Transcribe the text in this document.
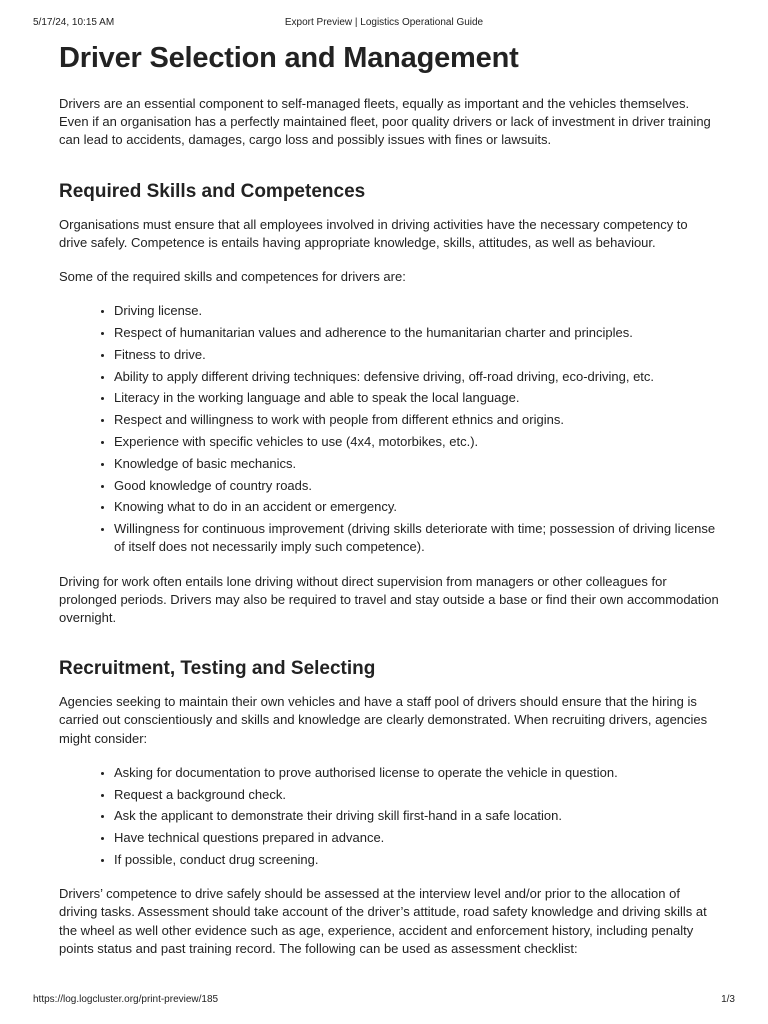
5/17/24, 10:15 AM	Export Preview | Logistics Operational Guide
Driver Selection and Management

Drivers are an essential component to self-managed fleets, equally as important and the vehicles themselves. Even if an organisation has a perfectly maintained fleet, poor quality drivers or lack of investment in driver training can lead to accidents, damages, cargo loss and possibly issues with fines or lawsuits.

Required Skills and Competences

Organisations must ensure that all employees involved in driving activities have the necessary competency to drive safely. Competence is entails having appropriate knowledge, skills, attitudes, as well as behaviour.

Some of the required skills and competences for drivers are:

• Driving license.
• Respect of humanitarian values and adherence to the humanitarian charter and principles.
• Fitness to drive.
• Ability to apply different driving techniques: defensive driving, off-road driving, eco-driving, etc.
• Literacy in the working language and able to speak the local language.
• Respect and willingness to work with people from different ethnics and origins.
• Experience with specific vehicles to use (4x4, motorbikes, etc.).
• Knowledge of basic mechanics.
• Good knowledge of country roads.
• Knowing what to do in an accident or emergency.
• Willingness for continuous improvement (driving skills deteriorate with time; possession of driving license of itself does not necessarily imply such competence).

Driving for work often entails lone driving without direct supervision from managers or other colleagues for prolonged periods. Drivers may also be required to travel and stay outside a base or find their own accommodation overnight.

Recruitment, Testing and Selecting

Agencies seeking to maintain their own vehicles and have a staff pool of drivers should ensure that the hiring is carried out conscientiously and skills and knowledge are clearly demonstrated. When recruiting drivers, agencies might consider:

• Asking for documentation to prove authorised license to operate the vehicle in question.
• Request a background check.
• Ask the applicant to demonstrate their driving skill first-hand in a safe location.
• Have technical questions prepared in advance.
• If possible, conduct drug screening.

Drivers’ competence to drive safely should be assessed at the interview level and/or prior to the allocation of driving tasks. Assessment should take account of the driver’s attitude, road safety knowledge and driving skills at the wheel as well other evidence such as age, experience, accident and enforcement history, including penalty points status and past training record. The following can be used as assessment checklist:

https://log.logcluster.org/print-preview/185	1/3
